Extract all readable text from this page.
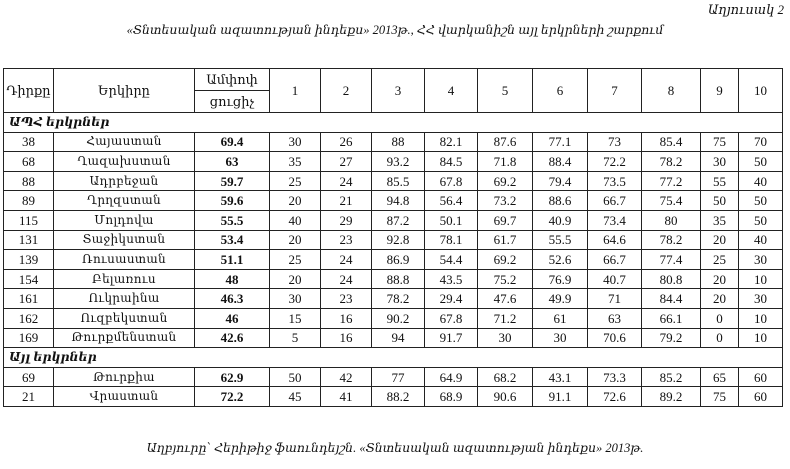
Աղյուսակ 2
«Տնտեսական ազատության ինդեքս» 2013թ., ՀՀ վարկանիշն այլ երկրների շարքում
Դիրքը	Երկիրը	Ամփոփ	1	2	3	4	5	6	7	8	9	10
		ցուցիչ										
ԱՊՀ երկրներ												
38	Հայաստան	69.4	30	26	88	82.1	87.6	77.1	73	85.4	75	70
68	Ղազախստան	63	35	27	93.2	84.5	71.8	88.4	72.2	78.2	30	50
88	Ադրբեջան	59.7	25	24	85.5	67.8	69.2	79.4	73.5	77.2	55	40
89	Ղրղզստան	59.6	20	21	94.8	56.4	73.2	88.6	66.7	75.4	50	50
115	Մոլդովա	55.5	40	29	87.2	50.1	69.7	40.9	73.4	80	35	50
131	Տաջիկստան	53.4	20	23	92.8	78.1	61.7	55.5	64.6	78.2	20	40
139	Ռուսաստան	51.1	25	24	86.9	54.4	69.2	52.6	66.7	77.4	25	30
154	Բելառուս	48	20	24	88.8	43.5	75.2	76.9	40.7	80.8	20	10
161	Ուկրաինա	46.3	30	23	78.2	29.4	47.6	49.9	71	84.4	20	30
162	Ուզբեկստան	46	15	16	90.2	67.8	71.2	61	63	66.1	0	10
169	Թուրքմենստան	42.6	5	16	94	91.7	30	30	70.6	79.2	0	10
Այլ երկրներ												
69	Թուրքիա	62.9	50	42	77	64.9	68.2	43.1	73.3	85.2	65	60
21	Վրաստան	72.2	45	41	88.2	68.9	90.6	91.1	72.6	89.2	75	60
Աղբյուրը՝ Հերիթիջ ֆաունդեյշն. «Տնտեսական ազատության ինդեքս» 2013թ.
